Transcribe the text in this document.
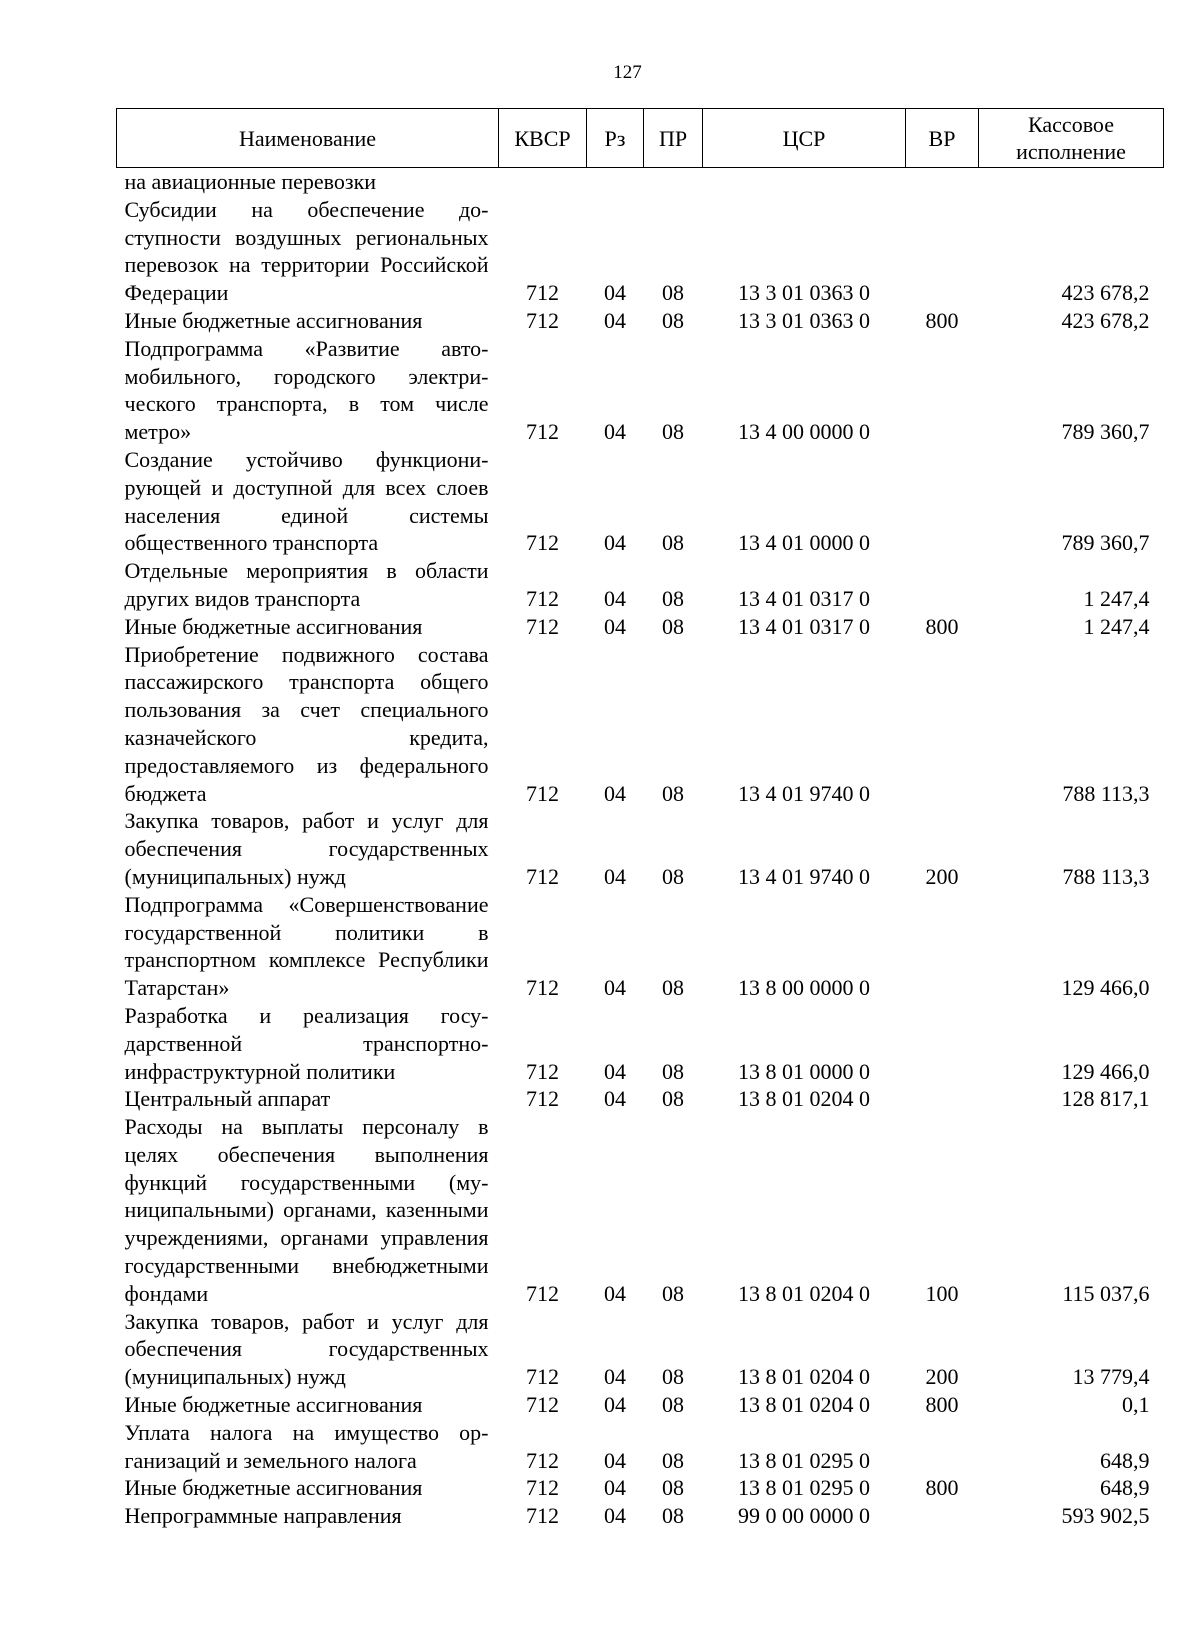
127
Наименование	КВСР	Рз	ПР	ЦСР	ВР	Кассовое исполнение
на авиационные перевозки						
Субсидии на обеспечение доступности воздушных региональных перевозок на территории Российской Федерации	712	04	08	13 3 01 0363 0		423 678,2
Иные бюджетные ассигнования	712	04	08	13 3 01 0363 0	800	423 678,2
Подпрограмма «Развитие автомобильного, городского электрического транспорта, в том числе метро»	712	04	08	13 4 00 0000 0		789 360,7
Создание устойчиво функционирующей и доступной для всех слоев населения единой системы общественного транспорта	712	04	08	13 4 01 0000 0		789 360,7
Отдельные мероприятия в области других видов транспорта	712	04	08	13 4 01 0317 0		1 247,4
Иные бюджетные ассигнования	712	04	08	13 4 01 0317 0	800	1 247,4
Приобретение подвижного состава пассажирского транспорта общего пользования за счет специального казначейского кредита, предоставляемого из федерального бюджета	712	04	08	13 4 01 9740 0		788 113,3
Закупка товаров, работ и услуг для обеспечения государственных (муниципальных) нужд	712	04	08	13 4 01 9740 0	200	788 113,3
Подпрограмма «Совершенствование государственной политики в транспортном комплексе Республики Татарстан»	712	04	08	13 8 00 0000 0		129 466,0
Разработка и реализация государственной транспортно-инфраструктурной политики	712	04	08	13 8 01 0000 0		129 466,0
Центральный аппарат	712	04	08	13 8 01 0204 0		128 817,1
Расходы на выплаты персоналу в целях обеспечения выполнения функций государственными (муниципальными) органами, казенными учреждениями, органами управления государственными внебюджетными фондами	712	04	08	13 8 01 0204 0	100	115 037,6
Закупка товаров, работ и услуг для обеспечения государственных (муниципальных) нужд	712	04	08	13 8 01 0204 0	200	13 779,4
Иные бюджетные ассигнования	712	04	08	13 8 01 0204 0	800	0,1
Уплата налога на имущество организаций и земельного налога	712	04	08	13 8 01 0295 0		648,9
Иные бюджетные ассигнования	712	04	08	13 8 01 0295 0	800	648,9
Непрограммные направления	712	04	08	99 0 00 0000 0		593 902,5
